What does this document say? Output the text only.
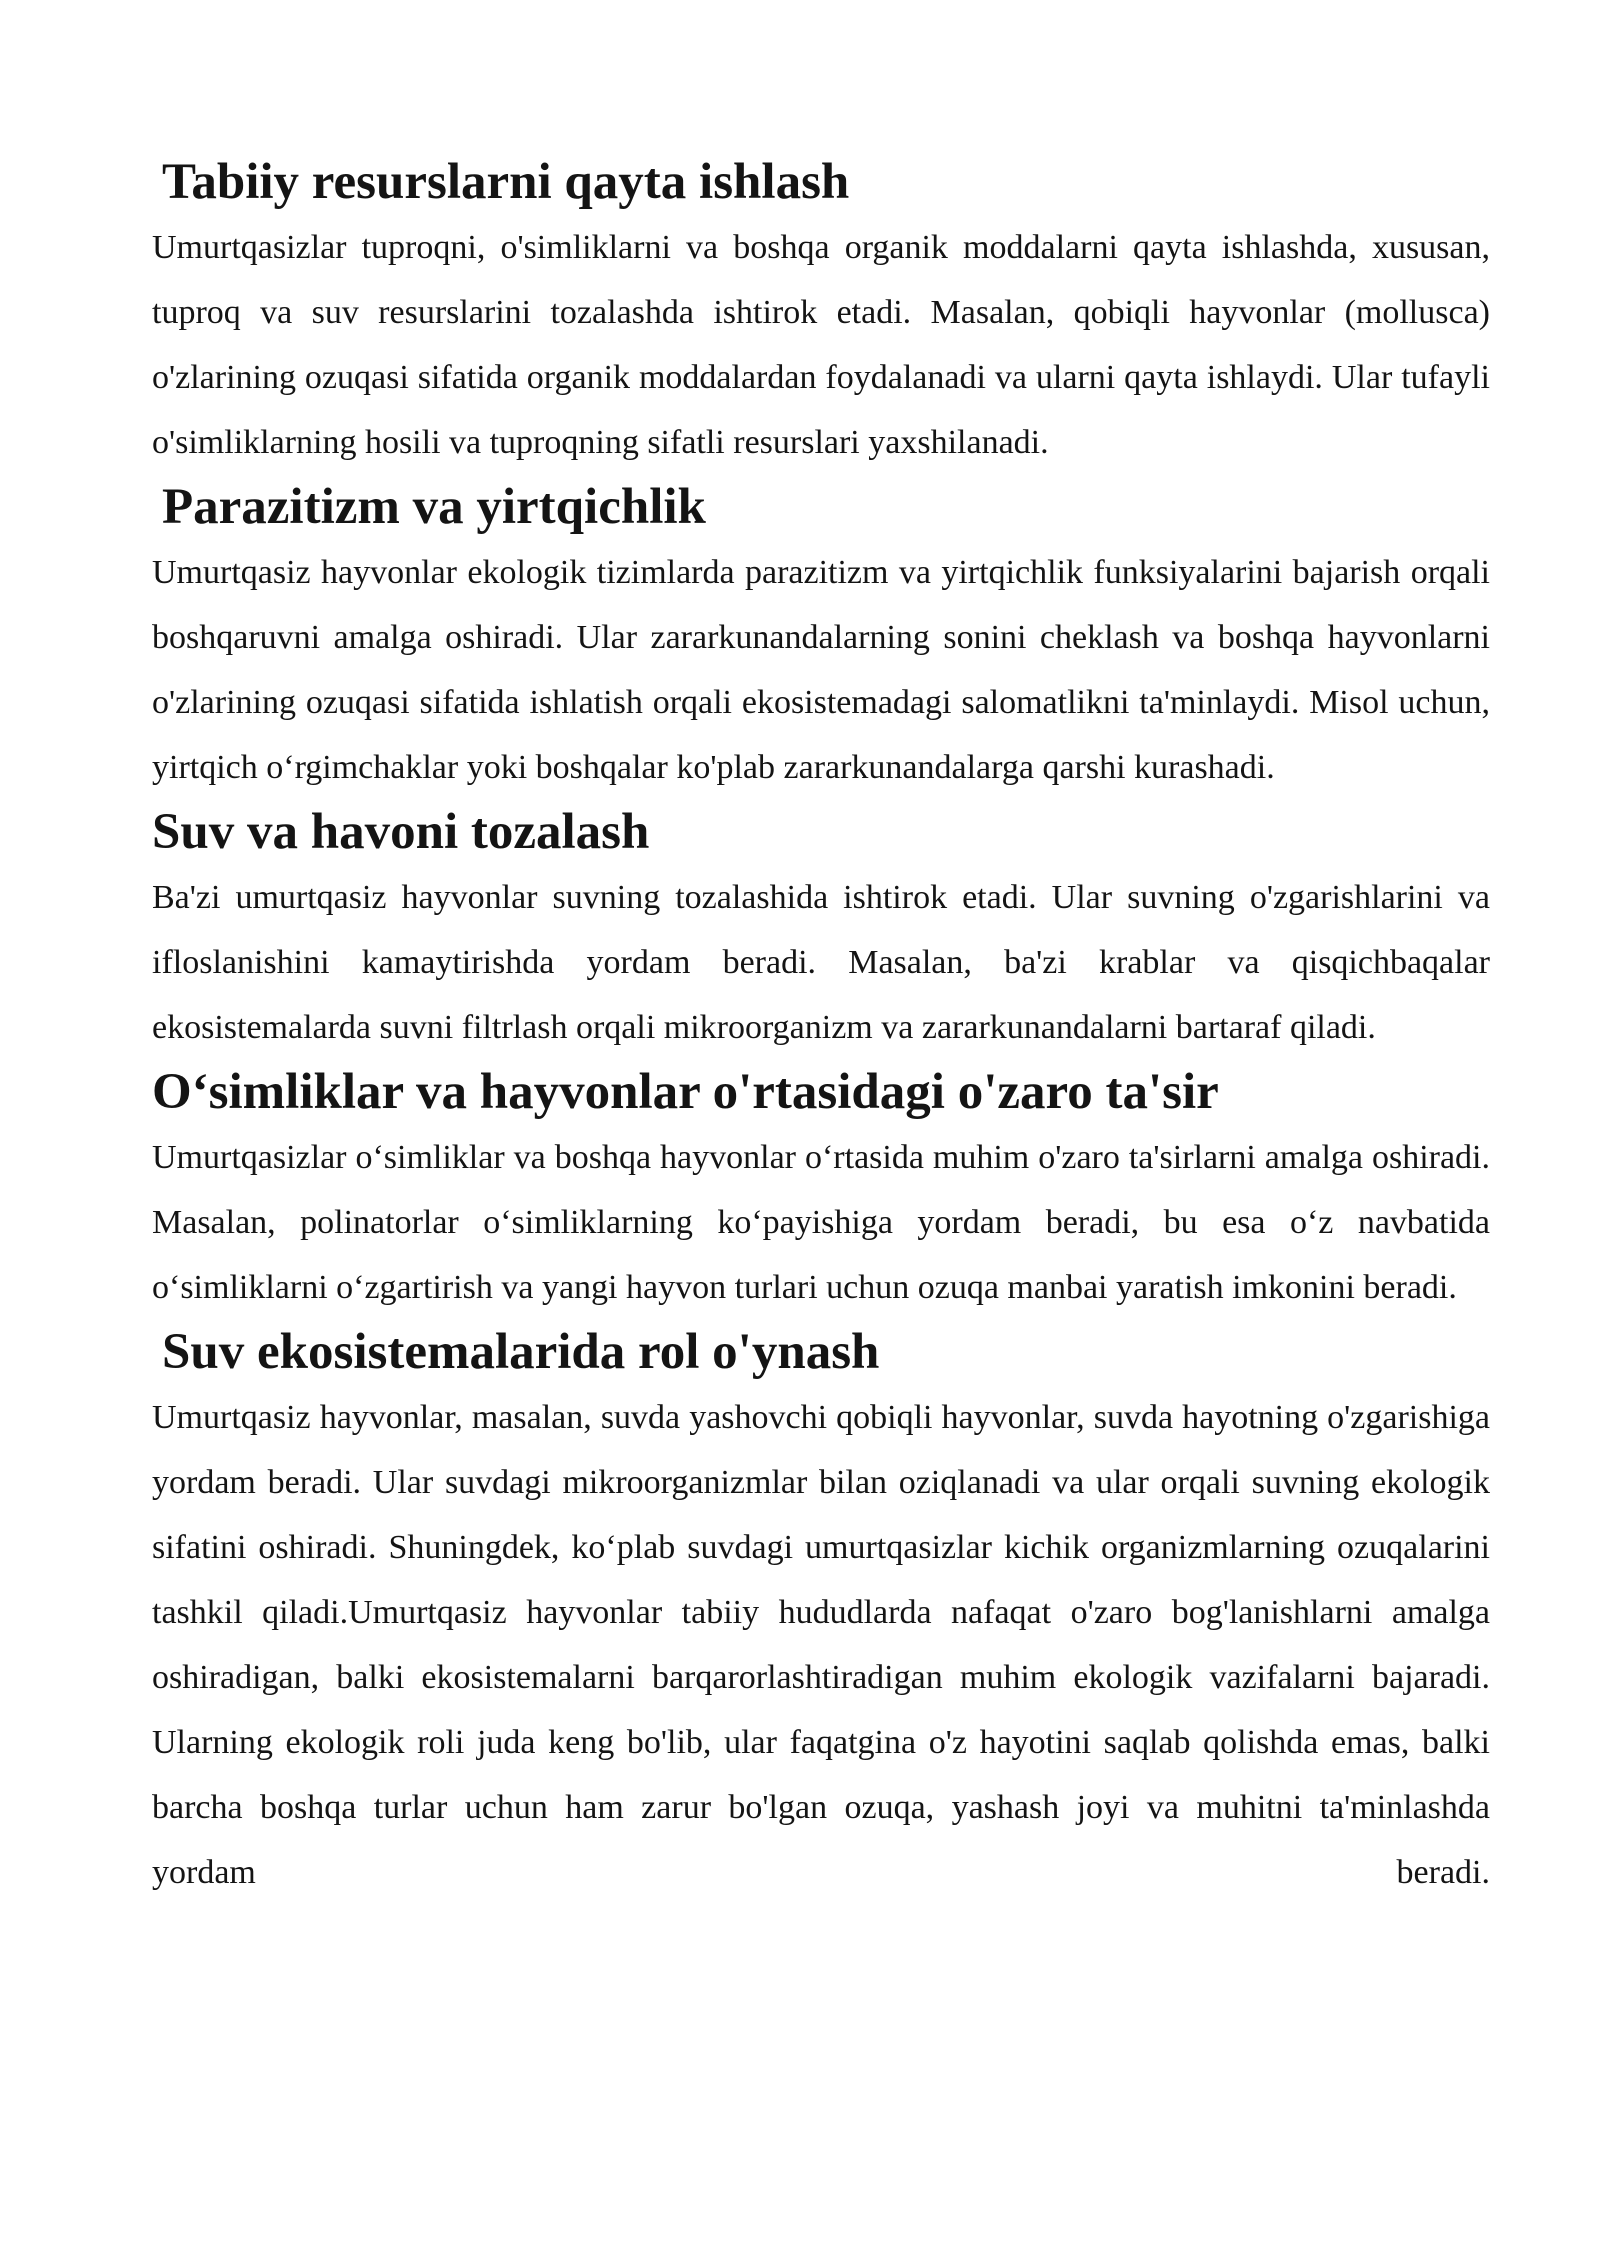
Tabiiy resurslarni qayta ishlash

Umurtqasizlar tuproqni, o'simliklarni va boshqa organik moddalarni qayta ishlashda, xususan, tuproq va suv resurslarini tozalashda ishtirok etadi. Masalan, qobiqli hayvonlar (mollusca) o'zlarining ozuqasi sifatida organik moddalardan foydalanadi va ularni qayta ishlaydi. Ular tufayli o'simliklarning hosili va tuproqning sifatli resurslari yaxshilanadi.

Parazitizm va yirtqichlik

Umurtqasiz hayvonlar ekologik tizimlarda parazitizm va yirtqichlik funksiyalarini bajarish orqali boshqaruvni amalga oshiradi. Ular zararkunandalarning sonini cheklash va boshqa hayvonlarni o'zlarining ozuqasi sifatida ishlatish orqali ekosistemadagi salomatlikni ta'minlaydi. Misol uchun, yirtqich o‘rgimchaklar yoki boshqalar ko'plab zararkunandalarga qarshi kurashadi.

Suv va havoni tozalash

Ba'zi umurtqasiz hayvonlar suvning tozalashida ishtirok etadi. Ular suvning o'zgarishlarini va ifloslanishini kamaytirishda yordam beradi. Masalan, ba'zi krablar va qisqichbaqalar ekosistemalarda suvni filtrlash orqali mikroorganizm va zararkunandalarni bartaraf qiladi.

O‘simliklar va hayvonlar o'rtasidagi o'zaro ta'sir

Umurtqasizlar o‘simliklar va boshqa hayvonlar o‘rtasida muhim o'zaro ta'sirlarni amalga oshiradi. Masalan, polinatorlar o‘simliklarning ko‘payishiga yordam beradi, bu esa o‘z navbatida o‘simliklarni o‘zgartirish va yangi hayvon turlari uchun ozuqa manbai yaratish imkonini beradi.

Suv ekosistemalarida rol o'ynash

Umurtqasiz hayvonlar, masalan, suvda yashovchi qobiqli hayvonlar, suvda hayotning o'zgarishiga yordam beradi. Ular suvdagi mikroorganizmlar bilan oziqlanadi va ular orqali suvning ekologik sifatini oshiradi. Shuningdek, ko‘plab suvdagi umurtqasizlar kichik organizmlarning ozuqalarini tashkil qiladi.Umurtqasiz hayvonlar tabiiy hududlarda nafaqat o'zaro bog'lanishlarni amalga oshiradigan, balki ekosistemalarni barqarorlashtiradigan muhim ekologik vazifalarni bajaradi. Ularning ekologik roli juda keng bo'lib, ular faqatgina o'z hayotini saqlab qolishda emas, balki barcha boshqa turlar uchun ham zarur bo'lgan ozuqa, yashash joyi va muhitni ta'minlashda yordam beradi.
